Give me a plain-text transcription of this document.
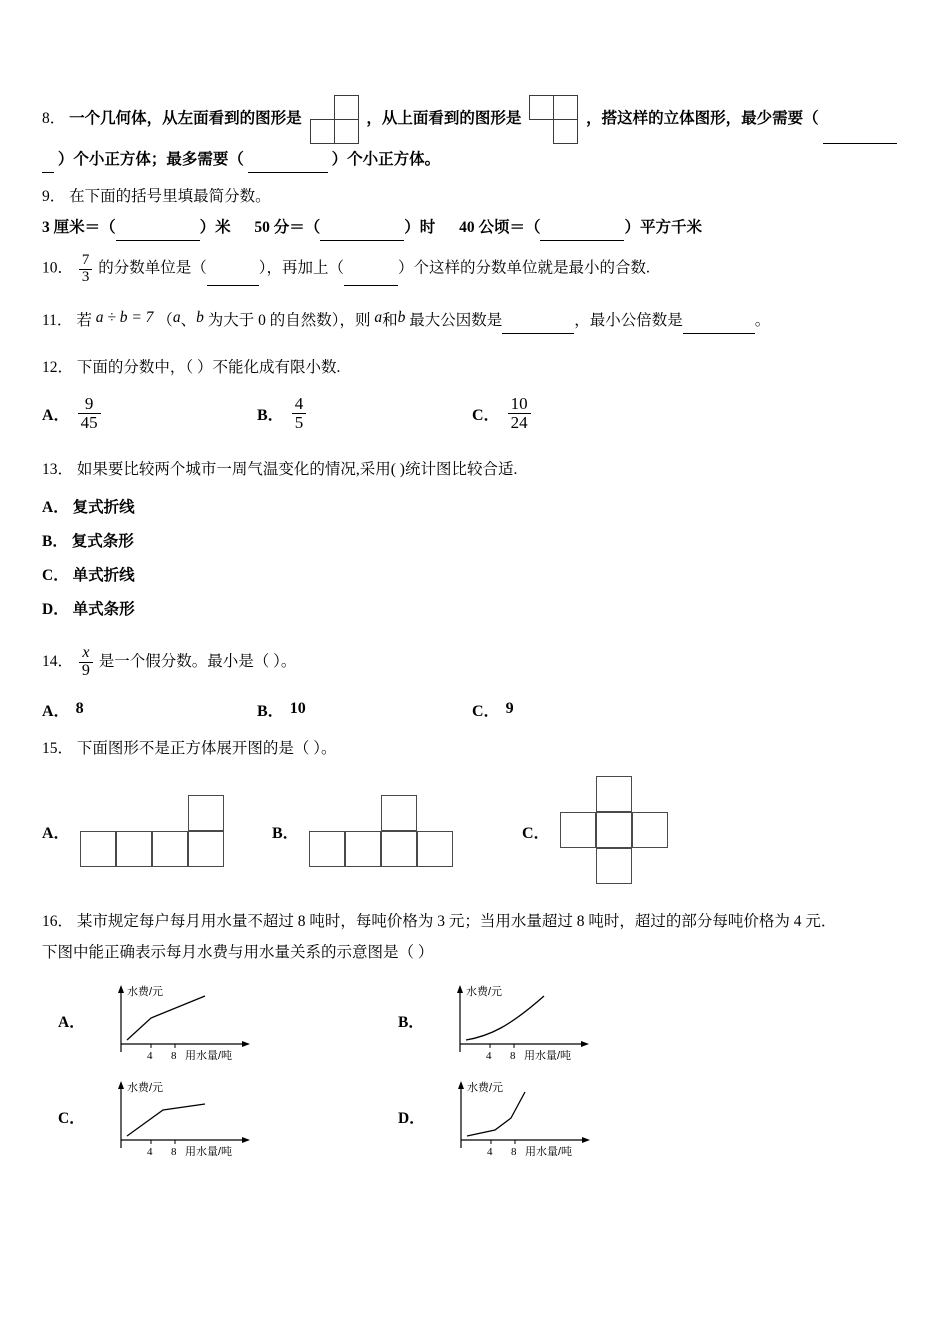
8． 一个几何体，从左面看到的图形是

		，从上面看到的图形是

		，搭这样的立体图形，最少需要（
）个小正方体；最多需要（	）个小正方体。
9． 在下面的括号里填最简分数。
3 厘米＝（	）米 50 分＝（	）时 40 公顷＝（	）平方千米
10． $\frac{7}{3}$ 的分数单位是（	），再加上（	）个这样的分数单位就是最小的合数.
11． 若 a ÷ b = 7 （a、b 为大于 0 的自然数），则 a和b 最大公因数是	，最小公倍数是	。
12． 下面的分数中，（ ）不能化成有限小数.
A． $\frac{9}{45}$	B． $\frac{4}{5}$	C． $\frac{10}{24}$
13． 如果要比较两个城市一周气温变化的情况,采用( )统计图比较合适.
A． 复式折线
B． 复式条形
C． 单式折线
D． 单式条形
14． $\frac{x}{9}$ 是一个假分数。最小是（ ）。
A． 8	B． 10	C． 9
15． 下面图形不是正方体展开图的是（ ）。
A．	B．	C．
16． 某市规定每户每月用水量不超过 8 吨时，每吨价格为 3 元；当用水量超过 8 吨时，超过的部分每吨价格为 4 元．
下图中能正确表示每月水费与用水量关系的示意图是（ ）
A．
水费/元
用水量/吨
4 8
B．
水费/元
用水量/吨
4 8
C．
水费/元
用水量/吨
4 8
D．
水费/元
用水量/吨
4 8
